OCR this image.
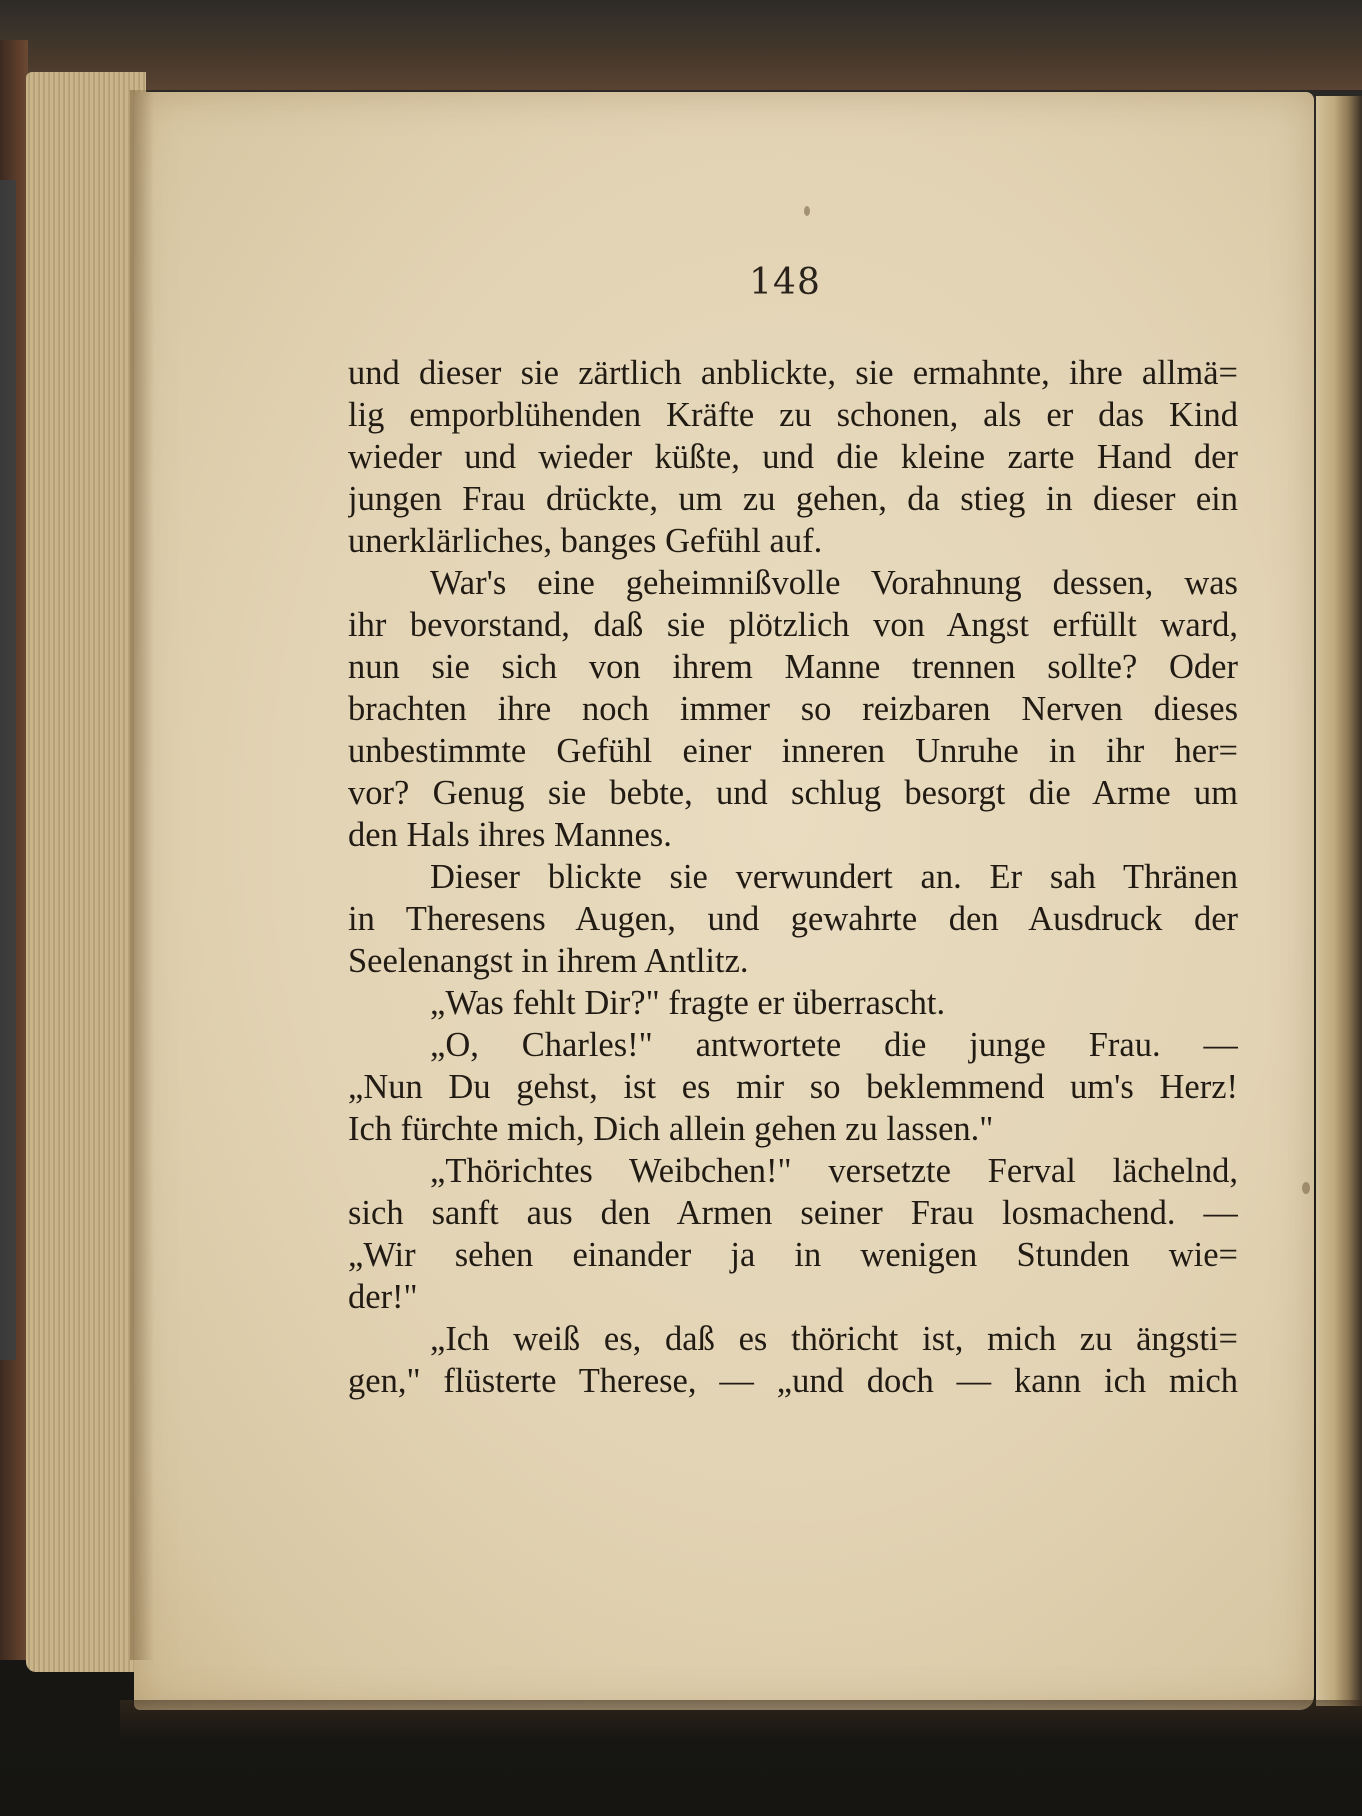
148
und dieser sie zärtlich anblickte, sie ermahnte, ihre allmä=
lig emporblühenden Kräfte zu schonen, als er das Kind
wieder und wieder küßte, und die kleine zarte Hand der
jungen Frau drückte, um zu gehen, da stieg in dieser ein
unerklärliches, banges Gefühl auf.
War's eine geheimnißvolle Vorahnung dessen, was
ihr bevorstand, daß sie plötzlich von Angst erfüllt ward,
nun sie sich von ihrem Manne trennen sollte? Oder
brachten ihre noch immer so reizbaren Nerven dieses
unbestimmte Gefühl einer inneren Unruhe in ihr her=
vor? Genug sie bebte, und schlug besorgt die Arme um
den Hals ihres Mannes.
Dieser blickte sie verwundert an. Er sah Thränen
in Theresens Augen, und gewahrte den Ausdruck der
Seelenangst in ihrem Antlitz.
„Was fehlt Dir?" fragte er überrascht.
„O, Charles!" antwortete die junge Frau. —
„Nun Du gehst, ist es mir so beklemmend um's Herz!
Ich fürchte mich, Dich allein gehen zu lassen."
„Thörichtes Weibchen!" versetzte Ferval lächelnd,
sich sanft aus den Armen seiner Frau losmachend. —
„Wir sehen einander ja in wenigen Stunden wie=
der!"
„Ich weiß es, daß es thöricht ist, mich zu ängsti=
gen," flüsterte Therese, — „und doch — kann ich mich
